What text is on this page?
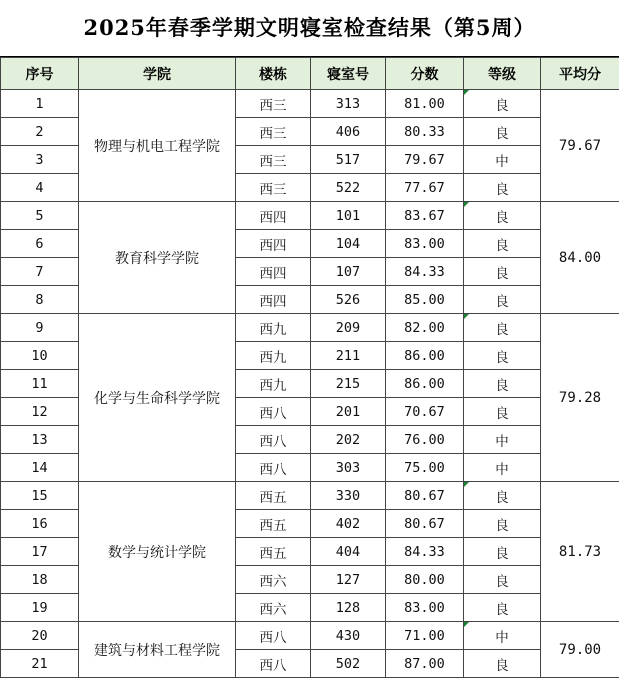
2025年春季学期文明寝室检查结果（第5周）
序号	学院	楼栋	寝室号	分数	等级	平均分
1	物理与机电工程学院	西三	313	81.00	良	79.67
2		西三	406	80.33	良	
3		西三	517	79.67	中	
4		西三	522	77.67	良	
5	教育科学学院	西四	101	83.67	良	84.00
6		西四	104	83.00	良	
7		西四	107	84.33	良	
8		西四	526	85.00	良	
9	化学与生命科学学院	西九	209	82.00	良	79.28
10		西九	211	86.00	良	
11		西九	215	86.00	良	
12		西八	201	70.67	良	
13		西八	202	76.00	中	
14		西八	303	75.00	中	
15	数学与统计学院	西五	330	80.67	良	81.73
16		西五	402	80.67	良	
17		西五	404	84.33	良	
18		西六	127	80.00	良	
19		西六	128	83.00	良	
20	建筑与材料工程学院	西八	430	71.00	中	79.00
21		西八	502	87.00	良	
